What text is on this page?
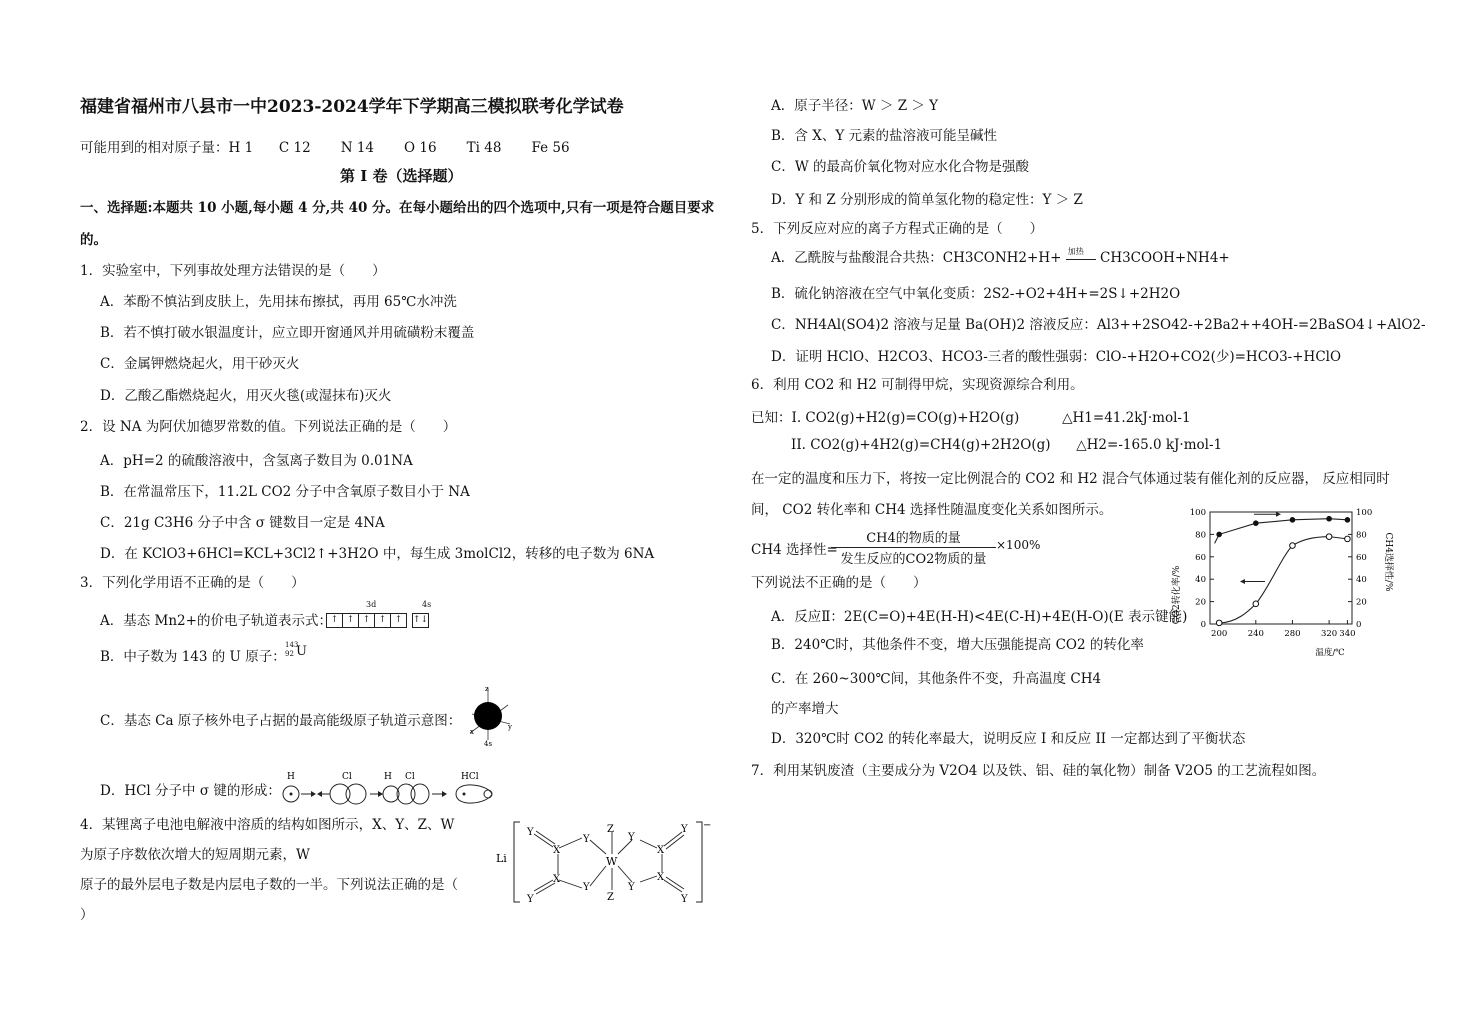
福建省福州市八县市一中2023-2024学年下学期高三模拟联考化学试卷
可能用到的相对原子量：H 1      C 12       N 14       O 16       Ti 48       Fe 56
第 I 卷（选择题）
一、选择题:本题共 10 小题,每小题 4 分,共 40 分。在每小题给出的四个选项中,只有一项是符合题目要求
的。
1．实验室中，下列事故处理方法错误的是（　　）
A．苯酚不慎沾到皮肤上，先用抹布擦拭，再用 65℃水冲洗
B．若不慎打破水银温度计，应立即开窗通风并用硫磺粉末覆盖
C．金属钾燃烧起火，用干砂灭火
D．乙酸乙酯燃烧起火，用灭火毯(或湿抹布)灭火
2．设 NA 为阿伏加德罗常数的值。下列说法正确的是（　　）
A．pH=2 的硫酸溶液中，含氢离子数目为 0.01NA
B．在常温常压下，11.2L CO2 分子中含氧原子数目小于 NA
C．21g C3H6 分子中含 σ 键数目一定是 4NA
D．在 KClO3+6HCl=KCL+3Cl2↑+3H2O 中，每生成 3molCl2，转移的电子数为 6NA
3．下列化学用语不正确的是（　　）
A．基态 Mn2+的价电子轨道表示式：
3d	4s
↑ ↑ ↑ ↑ ↑ ↑↓
B．中子数为 143 的 U 原子：
143
92 U
C．基态 Ca 原子核外电子占据的最高能级原子轨道示意图：
z
x
y
4s
D．HCl 分子中 σ 键的形成：
H	Cl	H Cl	HCl
4．某锂离子电池电解液中溶质的结构如图所示，X、Y、Z、W
为原子序数依次增大的短周期元素，W
原子的最外层电子数是内层电子数的一半。下列说法正确的是（
）
Li
−
Y
X
Y
Z
W
Y
X
Y
X
Y
Y	Z
Y
X
Y
A．原子半径：W ＞ Z ＞ Y
B．含 X、Y 元素的盐溶液可能呈碱性
C．W 的最高价氧化物对应水化合物是强酸
D．Y 和 Z 分别形成的简单氢化物的稳定性：Y ＞ Z
5．下列反应对应的离子方程式正确的是（　　）
A．乙酰胺与盐酸混合共热：CH3CONH2+H+ 加热 CH3COOH+NH4+
B．硫化钠溶液在空气中氧化变质：2S2-+O2+4H+=2S↓+2H2O
C．NH4Al(SO4)2 溶液与足量 Ba(OH)2 溶液反应：Al3++2SO42-+2Ba2++4OH-=2BaSO4↓+AlO2-
D．证明 HClO、H2CO3、HCO3-三者的酸性强弱：ClO-+H2O+CO2(少)=HCO3-+HClO
6．利用 CO2 和 H2 可制得甲烷，实现资源综合利用。
已知：I. CO2(g)+H2(g)=CO(g)+H2O(g)          △H1=41.2kJ·mol-1
II. CO2(g)+4H2(g)=CH4(g)+2H2O(g)      △H2=-165.0 kJ·mol-1
在一定的温度和压力下，将按一定比例混合的 CO2 和 H2 混合气体通过装有催化剂的反应器， 反应相同时
间， CO2 转化率和 CH4 选择性随温度变化关系如图所示。
CH4 选择性=
CH4的物质的量
发生反应的CO2物质的量
×100%
下列说法不正确的是（　　）
A．反应Ⅱ：2E(C=O)+4E(H-H)<4E(C-H)+4E(H-O)(E 表示键能)
B．240℃时，其他条件不变，增大压强能提高 CO2 的转化率
C．在 260~300℃间，其他条件不变，升高温度 CH4
的产率增大
D．320℃时 CO2 的转化率最大，说明反应 I 和反应 II 一定都达到了平衡状态
CO2转化率/%
CH4选择性/%
温度/℃
0	0
20	20
40	40
60	60
80	80
100	100
200 240 280 320 340
7．利用某钒废渣（主要成分为 V2O4 以及铁、铝、硅的氧化物）制备 V2O5 的工艺流程如图。
